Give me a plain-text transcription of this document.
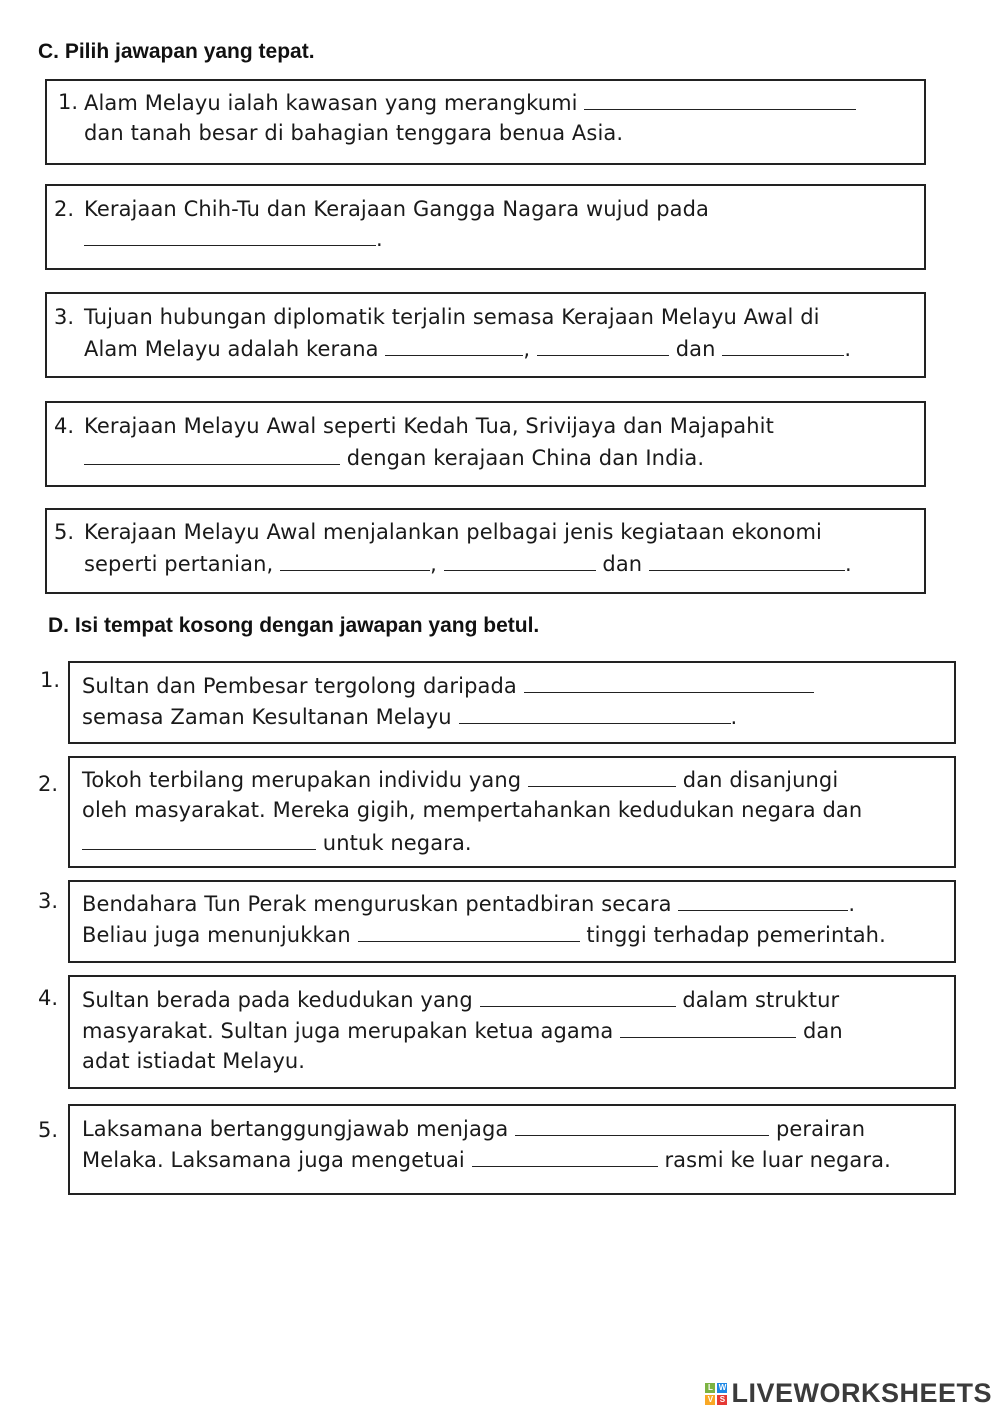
C. Pilih jawapan yang tepat.
1. Alam Melayu ialah kawasan yang merangkumi
dan tanah besar di bahagian tenggara benua Asia.
2. Kerajaan Chih-Tu dan Kerajaan Gangga Nagara wujud pada
.
3. Tujuan hubungan diplomatik terjalin semasa Kerajaan Melayu Awal di
Alam Melayu adalah kerana	,	dan	.
4. Kerajaan Melayu Awal seperti Kedah Tua, Srivijaya dan Majapahit
dengan kerajaan China dan India.
5. Kerajaan Melayu Awal menjalankan pelbagai jenis kegiataan ekonomi
seperti pertanian,	,	dan	.
D. Isi tempat kosong dengan jawapan yang betul.
1. Sultan dan Pembesar tergolong daripada
semasa Zaman Kesultanan Melayu	.
2. Tokoh terbilang merupakan individu yang	dan disanjungi
oleh masyarakat. Mereka gigih, mempertahankan kedudukan negara dan
untuk negara.
3. Bendahara Tun Perak menguruskan pentadbiran secara	.
Beliau juga menunjukkan	tinggi terhadap pemerintah.
4. Sultan berada pada kedudukan yang	dalam struktur
masyarakat. Sultan juga merupakan ketua agama	dan
adat istiadat Melayu.
5. Laksamana bertanggungjawab menjaga	perairan
Melaka. Laksamana juga mengetuai	rasmi ke luar negara.
L W
V S LIVEWORKSHEETS
